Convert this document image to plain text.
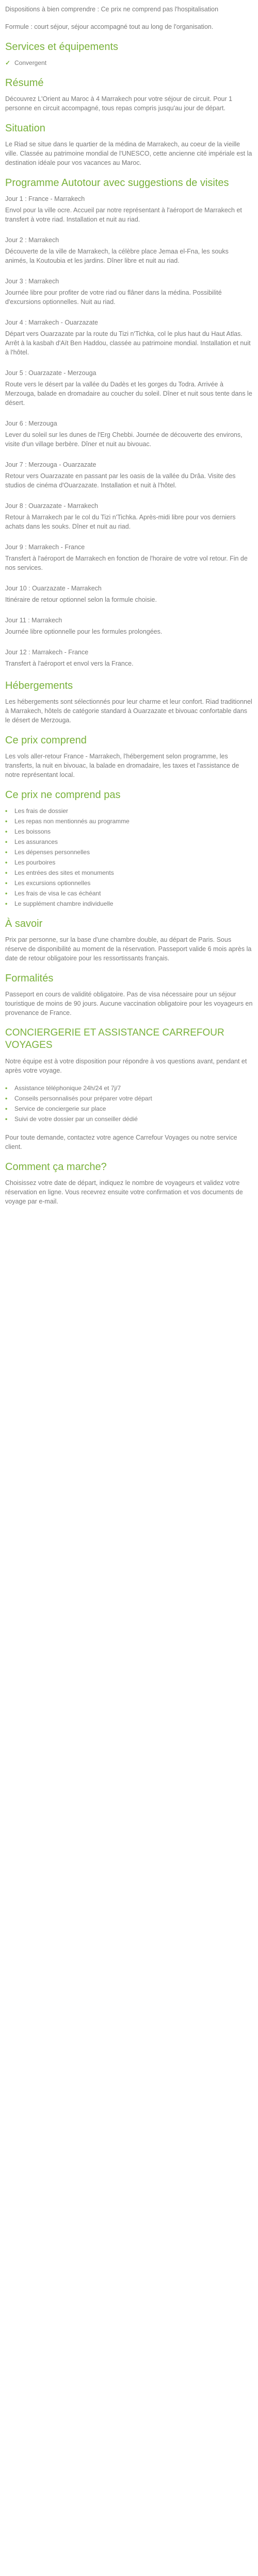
Dispositions à bien comprendre : Ce prix ne comprend pas l'hospitalisation

Formule : court séjour, séjour accompagné tout au long de l'organisation.

Services et équipements
✓ Convergent
Résumé

Découvrez L'Orient au Maroc à 4 Marrakech pour votre séjour de circuit. Pour 1 personne en circuit accompagné, tous repas compris jusqu'au jour de départ.

Situation

Le Riad se situe dans le quartier de la médina de Marrakech, au coeur de la vieille ville. Classée au patrimoine mondial de l'UNESCO, cette ancienne cité impériale est la destination idéale pour vos vacances au Maroc.

Programme Autotour avec suggestions de visites

Jour 1 : France - Marrakech

Envol pour la ville ocre. Accueil par notre représentant à l'aéroport de Marrakech et transfert à votre riad. Installation et nuit au riad.

Jour 2 : Marrakech

Découverte de la ville de Marrakech, la célèbre place Jemaa el-Fna, les souks animés, la Koutoubia et les jardins. Dîner libre et nuit au riad.

Jour 3 : Marrakech

Journée libre pour profiter de votre riad ou flâner dans la médina. Possibilité d'excursions optionnelles. Nuit au riad.

Jour 4 : Marrakech - Ouarzazate

Départ vers Ouarzazate par la route du Tizi n'Tichka, col le plus haut du Haut Atlas. Arrêt à la kasbah d'Aït Ben Haddou, classée au patrimoine mondial. Installation et nuit à l'hôtel.

Jour 5 : Ouarzazate - Merzouga

Route vers le désert par la vallée du Dadès et les gorges du Todra. Arrivée à Merzouga, balade en dromadaire au coucher du soleil. Dîner et nuit sous tente dans le désert.

Jour 6 : Merzouga

Lever du soleil sur les dunes de l'Erg Chebbi. Journée de découverte des environs, visite d'un village berbère. Dîner et nuit au bivouac.

Jour 7 : Merzouga - Ouarzazate

Retour vers Ouarzazate en passant par les oasis de la vallée du Drâa. Visite des studios de cinéma d'Ouarzazate. Installation et nuit à l'hôtel.

Jour 8 : Ouarzazate - Marrakech

Retour à Marrakech par le col du Tizi n'Tichka. Après-midi libre pour vos derniers achats dans les souks. Dîner et nuit au riad.

Jour 9 : Marrakech - France

Transfert à l'aéroport de Marrakech en fonction de l'horaire de votre vol retour. Fin de nos services.

Jour 10 : Ouarzazate - Marrakech

Itinéraire de retour optionnel selon la formule choisie.

Jour 11 : Marrakech

Journée libre optionnelle pour les formules prolongées.

Jour 12 : Marrakech - France

Transfert à l'aéroport et envol vers la France.

Hébergements

Les hébergements sont sélectionnés pour leur charme et leur confort. Riad traditionnel à Marrakech, hôtels de catégorie standard à Ouarzazate et bivouac confortable dans le désert de Merzouga.

Ce prix comprend

Les vols aller-retour France - Marrakech, l'hébergement selon programme, les transferts, la nuit en bivouac, la balade en dromadaire, les taxes et l'assistance de notre représentant local.

Ce prix ne comprend pas
• Les frais de dossier
• Les repas non mentionnés au programme
• Les boissons
• Les assurances
• Les dépenses personnelles
• Les pourboires
• Les entrées des sites et monuments
• Les excursions optionnelles
• Les frais de visa le cas échéant
• Le supplément chambre individuelle
À savoir

Prix par personne, sur la base d'une chambre double, au départ de Paris. Sous réserve de disponibilité au moment de la réservation. Passeport valide 6 mois après la date de retour obligatoire pour les ressortissants français.

Formalités

Passeport en cours de validité obligatoire. Pas de visa nécessaire pour un séjour touristique de moins de 90 jours. Aucune vaccination obligatoire pour les voyageurs en provenance de France.

CONCIERGERIE ET ASSISTANCE CARREFOUR VOYAGES

Notre équipe est à votre disposition pour répondre à vos questions avant, pendant et après votre voyage.

• Assistance téléphonique 24h/24 et 7j/7
• Conseils personnalisés pour préparer votre départ
• Service de conciergerie sur place
• Suivi de votre dossier par un conseiller dédié

Pour toute demande, contactez votre agence Carrefour Voyages ou notre service client.

Comment ça marche?

Choisissez votre date de départ, indiquez le nombre de voyageurs et validez votre réservation en ligne. Vous recevrez ensuite votre confirmation et vos documents de voyage par e-mail.
